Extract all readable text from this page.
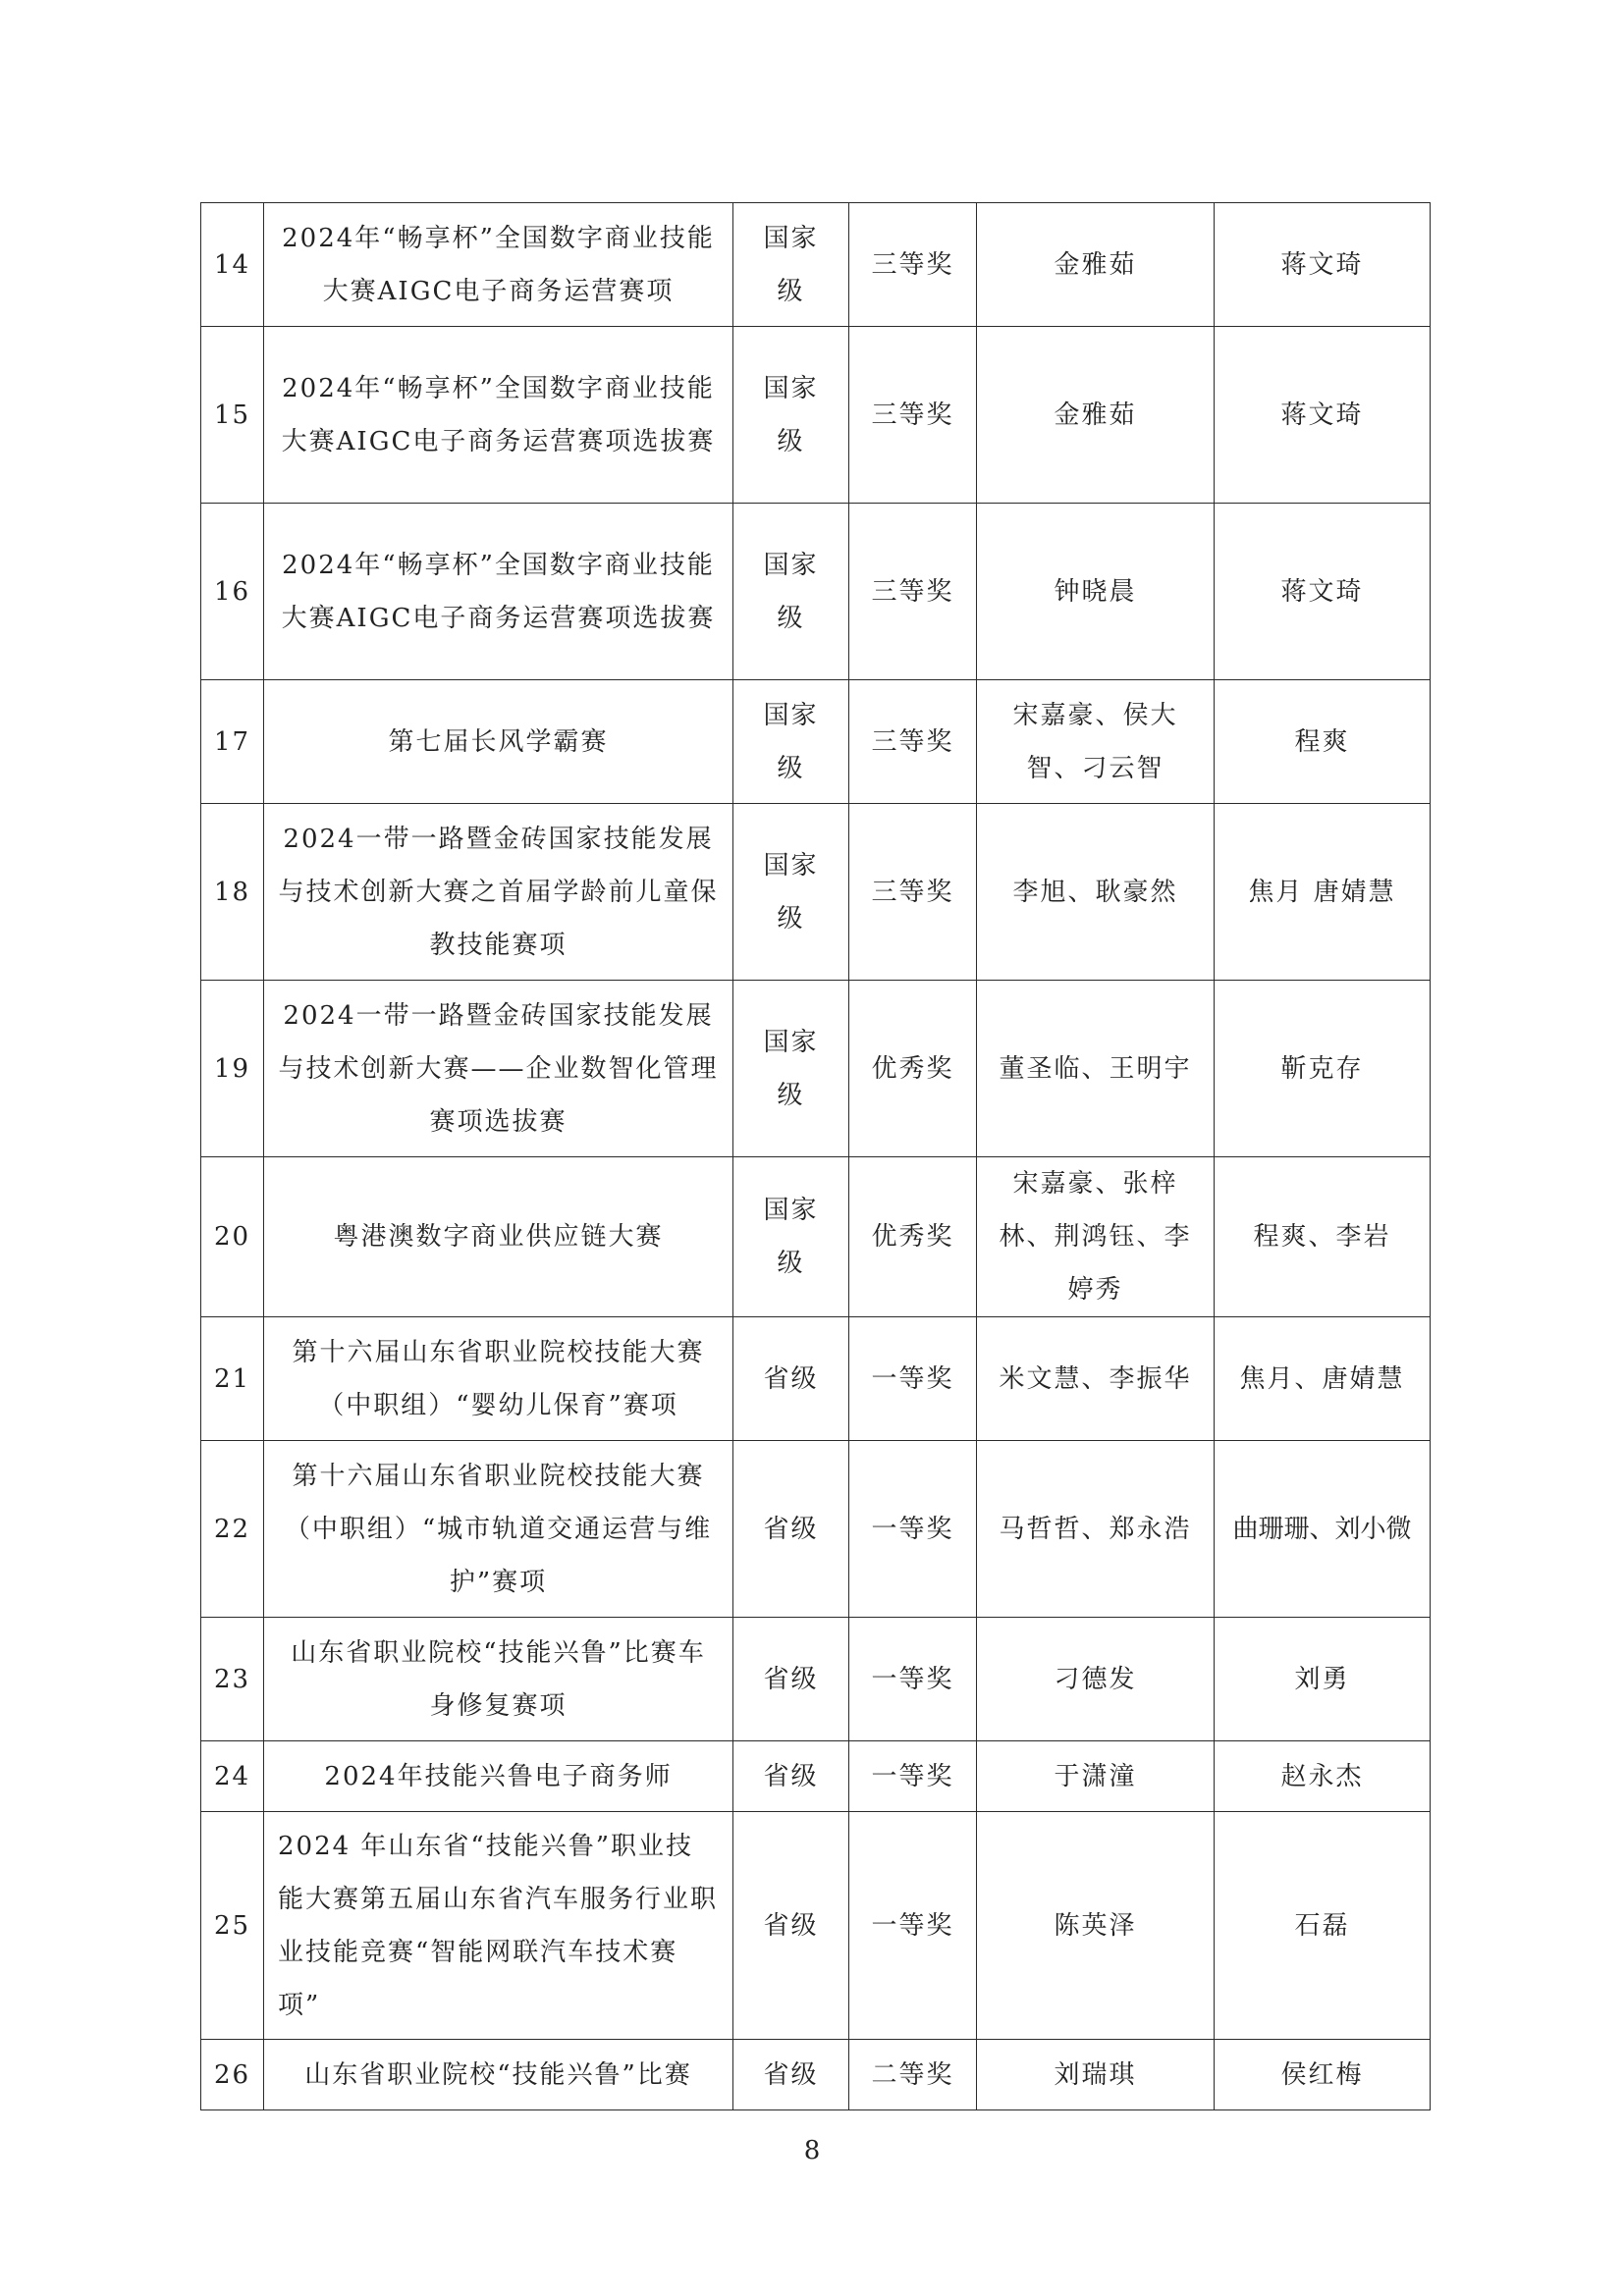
14	2024年“畅享杯”全国数字商业技能大赛AIGC电子商务运营赛项	国家级	三等奖	金雅茹	蒋文琦
15	2024年“畅享杯”全国数字商业技能大赛AIGC电子商务运营赛项选拔赛	国家级	三等奖	金雅茹	蒋文琦
16	2024年“畅享杯”全国数字商业技能大赛AIGC电子商务运营赛项选拔赛	国家级	三等奖	钟晓晨	蒋文琦
17	第七届长风学霸赛	国家级	三等奖	宋嘉豪、侯大智、刁云智	程爽
18	2024一带一路暨金砖国家技能发展与技术创新大赛之首届学龄前儿童保教技能赛项	国家级	三等奖	李旭、耿豪然	焦月 唐婧慧
19	2024一带一路暨金砖国家技能发展与技术创新大赛——企业数智化管理赛项选拔赛	国家级	优秀奖	董圣临、王明宇	靳克存
20	粤港澳数字商业供应链大赛	国家级	优秀奖	宋嘉豪、张梓林、荆鸿钰、李婷秀	程爽、李岩
21	第十六届山东省职业院校技能大赛（中职组）“婴幼儿保育”赛项	省级	一等奖	米文慧、李振华	焦月、唐婧慧
22	第十六届山东省职业院校技能大赛（中职组）“城市轨道交通运营与维护”赛项	省级	一等奖	马哲哲、郑永浩	曲珊珊、刘小微
23	山东省职业院校“技能兴鲁”比赛车身修复赛项	省级	一等奖	刁德发	刘勇
24	2024年技能兴鲁电子商务师	省级	一等奖	于潇潼	赵永杰
25	2024 年山东省“技能兴鲁”职业技能大赛第五届山东省汽车服务行业职业技能竞赛“智能网联汽车技术赛项”	省级	一等奖	陈英泽	石磊
26	山东省职业院校“技能兴鲁”比赛	省级	二等奖	刘瑞琪	侯红梅
8
